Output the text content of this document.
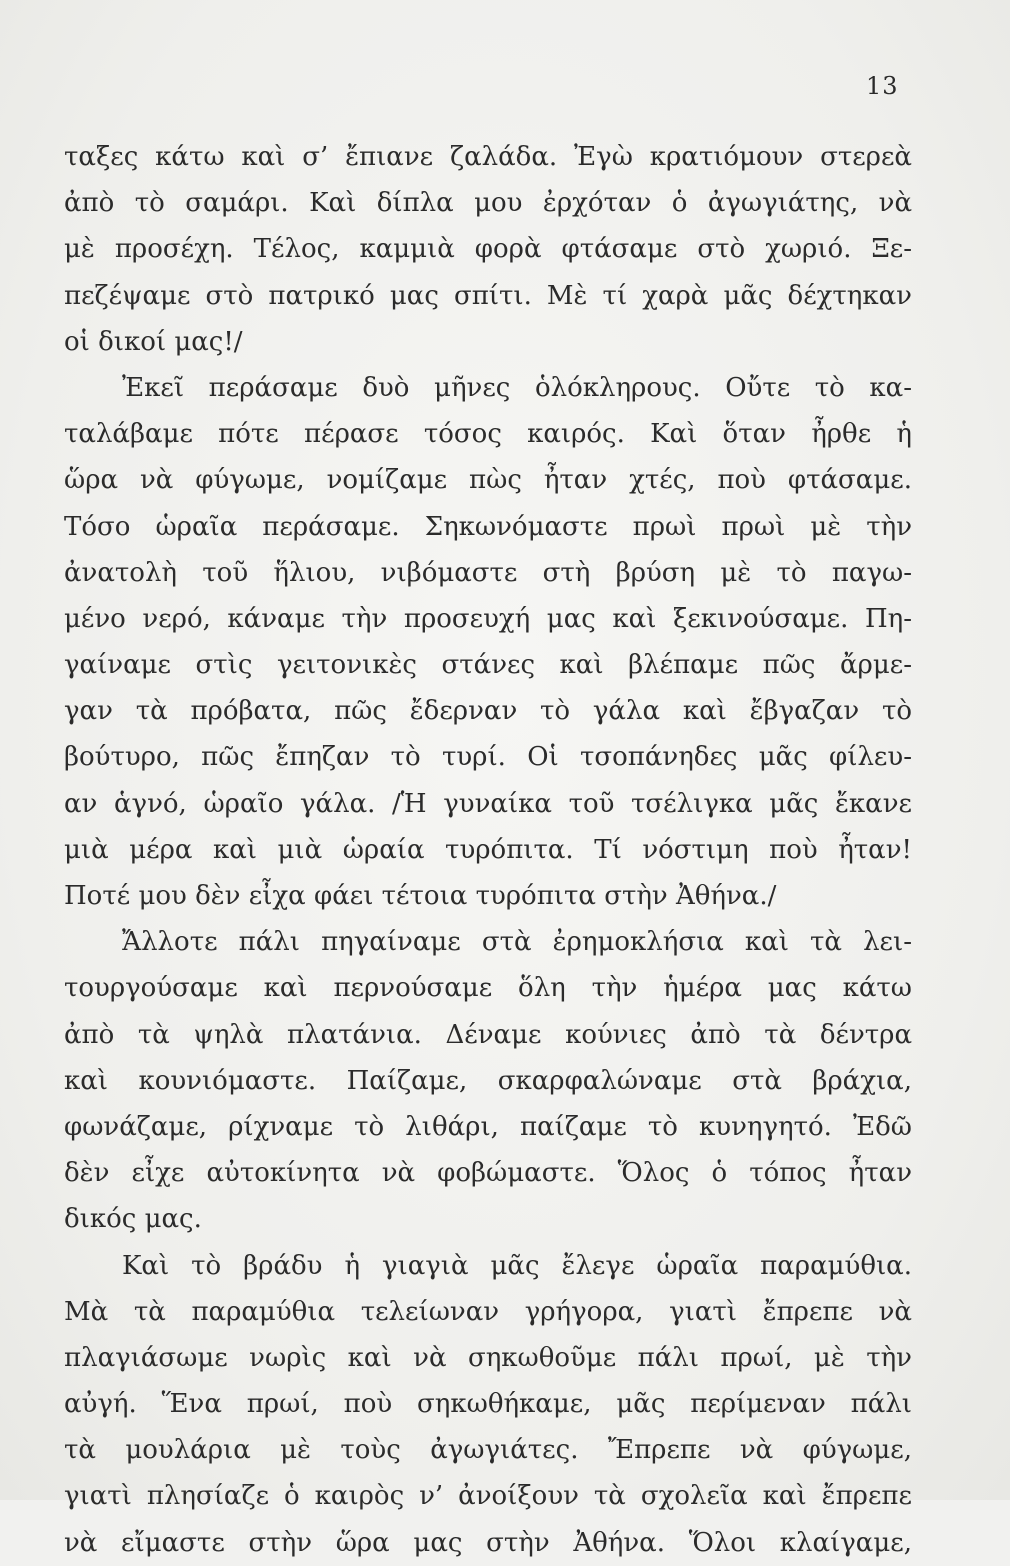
13
ταξες κάτω καὶ σ’ ἔπιανε ζαλάδα. Ἐγὼ κρατιόμουν στερεὰ
ἀπὸ τὸ σαμάρι. Καὶ δίπλα μου ἐρχόταν ὁ ἀγωγιάτης, νὰ
μὲ προσέχη. Τέλος, καμμιὰ φορὰ φτάσαμε στὸ χωριό. Ξε-
πεζέψαμε στὸ πατρικό μας σπίτι. Μὲ τί χαρὰ μᾶς δέχτηκαν
οἱ δικοί μας!/
Ἐκεῖ περάσαμε δυὸ μῆνες ὁλόκληρους. Οὔτε τὸ κα-
ταλάβαμε πότε πέρασε τόσος καιρός. Καὶ ὅταν ἦρθε ἡ
ὥρα νὰ φύγωμε, νομίζαμε πὼς ἦταν χτές, ποὺ φτάσαμε.
Τόσο ὡραῖα περάσαμε. Σηκωνόμαστε πρωὶ πρωὶ μὲ τὴν
ἀνατολὴ τοῦ ἥλιου, νιβόμαστε στὴ βρύση μὲ τὸ παγω-
μένο νερό, κάναμε τὴν προσευχή μας καὶ ξεκινούσαμε. Πη-
γαίναμε στὶς γειτονικὲς στάνες καὶ βλέπαμε πῶς ἄρμε-
γαν τὰ πρόβατα, πῶς ἔδερναν τὸ γάλα καὶ ἔβγαζαν τὸ
βούτυρο, πῶς ἔπηζαν τὸ τυρί. Οἱ τσοπάνηδες μᾶς φίλευ-
αν ἁγνό, ὡραῖο γάλα. /Ἡ γυναίκα τοῦ τσέλιγκα μᾶς ἔκανε
μιὰ μέρα καὶ μιὰ ὡραία τυρόπιτα. Τί νόστιμη ποὺ ἦταν!
Ποτέ μου δὲν εἶχα φάει τέτοια τυρόπιτα στὴν Ἀθήνα./
Ἄλλοτε πάλι πηγαίναμε στὰ ἐρημοκλήσια καὶ τὰ λει-
τουργούσαμε καὶ περνούσαμε ὅλη τὴν ἡμέρα μας κάτω
ἀπὸ τὰ ψηλὰ πλατάνια. Δέναμε κούνιες ἀπὸ τὰ δέντρα
καὶ κουνιόμαστε. Παίζαμε, σκαρφαλώναμε στὰ βράχια,
φωνάζαμε, ρίχναμε τὸ λιθάρι, παίζαμε τὸ κυνηγητό. Ἐδῶ
δὲν εἶχε αὐτοκίνητα νὰ φοβώμαστε. Ὅλος ὁ τόπος ἦταν
δικός μας.
Καὶ τὸ βράδυ ἡ γιαγιὰ μᾶς ἔλεγε ὡραῖα παραμύθια.
Μὰ τὰ παραμύθια τελείωναν γρήγορα, γιατὶ ἔπρεπε νὰ
πλαγιάσωμε νωρὶς καὶ νὰ σηκωθοῦμε πάλι πρωί, μὲ τὴν
αὐγή. Ἕνα πρωί, ποὺ σηκωθήκαμε, μᾶς περίμεναν πάλι
τὰ μουλάρια μὲ τοὺς ἀγωγιάτες. Ἔπρεπε νὰ φύγωμε,
γιατὶ πλησίαζε ὁ καιρὸς ν’ ἀνοίξουν τὰ σχολεῖα καὶ ἔπρεπε
νὰ εἴμαστε στὴν ὥρα μας στὴν Ἀθήνα. Ὅλοι κλαίγαμε,
